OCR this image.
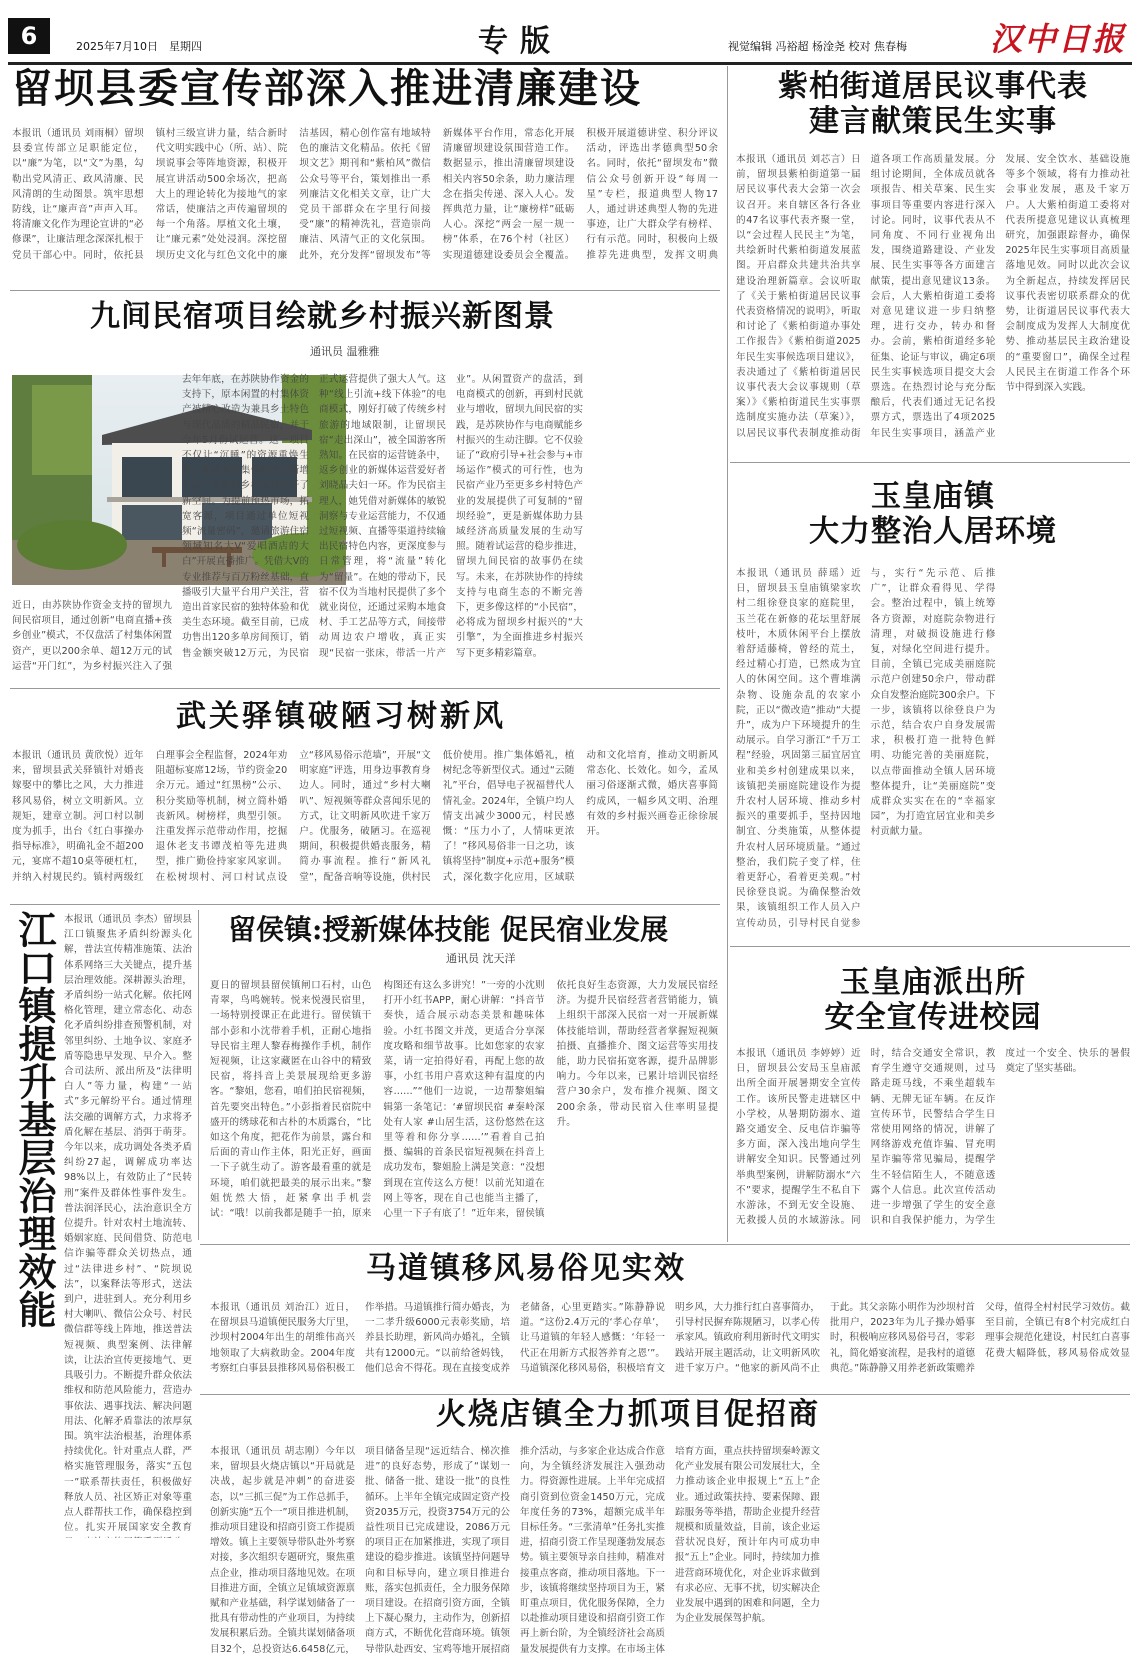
6	2025年7月10日　星期四	专版	视觉编辑 冯裕超 杨淦尧 校对 焦春梅	汉中日报
留坝县委宣传部深入推进清廉建设
本报讯（通讯员 刘雨桐）留坝县委宣传部立足职能定位，以“廉”为笔，以“文”为墨，勾勒出党风清正、政风清廉、民风清朗的生动图景。筑牢思想防线，让“廉声音”声声入耳。将清廉文化作为理论宣讲的“必修课”，让廉洁理念深深扎根于党员干部心中。同时，依托县镇村三级宣讲力量，结合新时代文明实践中心（所、站）、院坝说事会等阵地资源，积极开展宣讲活动500余场次，把高大上的理论转化为接地气的家常话，使廉洁之声传遍留坝的每一个角落。厚植文化土壤，让“廉元素”处处浸润。深挖留坝历史文化与红色文化中的廉洁基因，精心创作富有地域特色的廉洁文化精品。依托《留坝文艺》期刊和“紫柏风”微信公众号等平台，策划推出一系列廉洁文化相关文章，让广大党员干部群众在字里行间接受“廉”的精神洗礼，营造崇尚廉洁、风清气正的文化氛围。此外，充分发挥“留坝发布”等新媒体平台作用，常态化开展清廉留坝建设氛围营造工作。数据显示，推出清廉留坝建设相关内容50余条，助力廉洁理念在指尖传递、深入人心。发挥典范力量，让“廉榜样”砥砺人心。深挖“两会一屋一规一榜”体系，在76个村（社区）实现道德建设委员会全覆盖。积极开展道德讲堂、积分评议活动，评选出孝德典型50余名。同时，依托“留坝发布”微信公众号创新开设“每周一星”专栏，报道典型人物17人，通过讲述典型人物的先进事迹，让广大群众学有榜样、行有示范。同时，积极向上级推荐先进典型，发挥文明典
九间民宿项目绘就乡村振兴新图景
通讯员 温雅雅
近日，由苏陕协作资金支持的留坝九间民宿项目，通过创新“电商直播+孩乡创业”模式，不仅盘活了村集体闲置资产，更以200余单、超12万元的试运营“开门红”，为乡村振兴注入了强
去年年底，在苏陕协作资金的支持下，原本闲置的村集体资产被精心改造为兼具乡土特色与现代品质的精品民宿，并于今年5月份试运营。这一项目不仅让“沉睡”的资源重焕生机，更成为村集体经济的新增长点，为留坝乡村发展打开了新空间。为提前预热市场，拓宽客源，项目通过单位短视频“流量密码”，邀请旅游住宿领域知名大V“爱唱酒店的大白”开展直播推广。凭借大V的专业推荐与百万粉丝基础，直播吸引大量平台用户关注，营造出首家民宿的独特体验和优美生态环境。截至目前，已成功售出120多单房间预订，销售金额突破12万元，为民宿正式运营提供了强大人气。这种“线上引流+线下体验”的电商模式，刚好打破了传统乡村旅游的地域限制，让留坝民宿“走出深山”，被全国游客所熟知。在民宿的运营链条中，返乡创业的新媒体运营爱好者刘晓晶夫妇一环。作为民宿主理人，她凭借对新媒体的敏锐洞察与专业运营能力，不仅通过短视频、直播等渠道持续输出民宿特色内容，更深度参与日常管理，将“流量”转化为“留量”。在她的带动下，民宿不仅为当地村民提供了多个就业岗位，还通过采购本地食材、手工艺品等方式，间接带动周边农户增收，真正实现“民宿一张床，带活一片产业”。从闲置资产的盘活，到电商模式的创新，再到村民就业与增收，留坝九间民宿的实践，是苏陕协作与电商赋能乡村振兴的生动注脚。它不仅验证了“政府引导+社会参与+市场运作”模式的可行性，也为民宿产业乃至更多乡村特色产业的发展提供了可复制的“留坝经验”，更是新媒体助力县域经济高质量发展的生动写照。随着试运营的稳步推进，留坝九间民宿的故事仍在续写。未来，在苏陕协作的持续支持与电商生态的不断完善下，更多像这样的“小民宿”，必将成为留坝乡村振兴的“大引擎”，为全面推进乡村振兴写下更多精彩篇章。
武关驿镇破陋习树新风
本报讯（通讯员 黄欣悦）近年来，留坝县武关驿镇针对婚丧嫁娶中的攀比之风，大力推进移风易俗，树立文明新风。立规矩，建章立制。河口村以制度为抓手，出台《红白事操办指导标准》，明确礼金不超200元，宴席不超10桌等硬杠杠，并纳入村规民约。镇村两级红白理事会全程监督，2024年劝阻超标宴席12场，节约资金20余万元。通过“红黑榜”公示、积分奖励等机制，树立简朴婚丧新风。树榜样，典型引领。注重发挥示范带动作用，挖掘退休老支书谭茂柏等先进典型，推广勤俭持家家风家训。在松树坝村、河口村试点设立“移风易俗示范墙”，开展“文明家庭”评选，用身边事教育身边人。同时，通过“乡村大喇叭”、短视频等群众喜闻乐见的方式，让文明新风吹进千家万户。优服务，破陋习。在巡视期间，积极提供婚丧服务，精简办事流程。推行“新风礼堂”，配备音响等设施，供村民低价使用。推广集体婚礼，植树纪念等新型仪式。通过“云随礼”平台，倡导电子祝福替代人情礼金。2024年，全镇户均人情支出减少3000元，村民感慨：“压力小了，人情味更浓了！”移风易俗非一日之功，该镇将坚持“制度+示范+服务”模式，深化数字化应用，区域联动和文化培育，推动文明新风常态化、长效化。如今，孟凤丽习俗逐渐式微，婚庆喜事简约成风，一幅乡风文明、治理有效的乡村振兴画卷正徐徐展开。
江口镇提升基层治理效能 本报讯（通讯员 李杰）留坝县江口镇聚焦矛盾纠纷源头化解，普法宣传精准施策、法治体系网络三大关键点，提升基层治理效能。深耕源头治理，矛盾纠纷一站式化解。依托网格化管理，建立常态化、动态化矛盾纠纷排查预警机制，对邻里纠纷、土地争议、家庭矛盾等隐患早发现、早介入。整合司法所、派出所及“法律明白人”等力量，构建“一站式”多元解纷平台。通过情理法交融的调解方式，力求将矛盾化解在基层、消弭于萌芽。今年以来，成功调处各类矛盾纠纷27起，调解成功率达98%以上，有效防止了“民转刑”案件及群体性事件发生。普法润泽民心，法治意识全方位提升。针对农村土地流转、婚姻家庭、民间借贷、防范电信诈骗等群众关切热点，通过“法律进乡村”、“院坝说法”，以案释法等形式，送法到户，进驻到人。充分利用乡村大喇叭、微信公众号、村民微信群等线上阵地，推送普法短视频、典型案例、法律解读，让法治宣传更接地气、更具吸引力。不断提升群众依法维权和防范风险能力，营造办事依法、遇事找法、解决问题用法、化解矛盾靠法的浓厚氛围。筑牢法治根基，治理体系持续优化。针对重点人群，严格实施管理服务，落实“五包一”联系帮扶责任，积极做好释放人员、社区矫正对象等重点人群帮扶工作，确保稳控到位。扎实开展国家安全教育
留侯镇:授新媒体技能 促民宿业发展
通讯员 沈天洋
夏日的留坝县留侯镇闸口石村，山色青翠，鸟鸣婉转。悦来悦漫民宿里，一场特别授课正在此进行。留侯镇干部小彭和小沈带着手机，正耐心地指导民宿主理人黎春梅操作手机，制作短视频，让这家藏匿在山谷中的精致民宿，将抖音上美景展现给更多游客。“黎姐，您看，咱们拍民宿视频，首先要突出特色。”小彭指着民宿院中盛开的绣球花和古朴的木质露台，“比如这个角度，把花作为前景，露台和后面的青山作主体，阳光正好，画面一下子就生动了。游客最看重的就是环境，咱们就把最美的展示出来。”黎姐恍然大悟，赶紧拿出手机尝试：“哦！以前我都是随手一拍，原来构图还有这么多讲究！”一旁的小沈则打开小红书APP，耐心讲解：“抖音节奏快，适合展示动态美景和趣味体验。小红书图文并茂，更适合分享深度攻略和细节故事。比如您家的农家菜，请一定拍得好看，再配上您的故事，小红书用户喜欢这种有温度的内容……”“他们一边说，一边帮黎姐编辑第一条笔记：‘#留坝民宿 #秦岭深处有人家 #山居生活，这份悠然在这里等着和你分享……’”看着自己拍摄、编辑的首条民宿短视频在抖音上成功发布，黎姐脸上满是笑意：“没想到现在宣传这么方便！以前光知道在网上等客，现在自己也能当主播了，心里一下子有底了！”近年来，留侯镇依托良好生态资源，大力发展民宿经济。为提升民宿经营者营销能力，镇上组织干部深入民宿一对一开展新媒体技能培训，帮助经营者掌握短视频拍摄、直播推介、图文运营等实用技能，助力民宿拓宽客源，提升品牌影响力。今年以来，已累计培训民宿经营户30余户，发布推介视频、图文200余条，带动民宿入住率明显提升。
马道镇移风易俗见实效
本报讯（通讯员 刘治江）近日，在留坝县马道镇便民服务大厅里，沙坝村2004年出生的胡维伟高兴地领取了大病救助金。2004年度考察红白事县县推移风易俗积极工作举措。马道镇推行简办婚丧，为一二孝升级6000元表彰奖励，培养县长助理，新风尚办婚礼，全镇共有12000元。“以前给爸妈钱，他们总舍不得花。现在直接变成养老储备，心里更踏实。”陈静静说道。“这份2.4万元的‘孝心存单’，让马道镇的年轻人感慨：‘年轻一代正在用新方式报答养育之恩’”。马道镇深化移风易俗，积极培育文明乡风，大力推行红白喜事简办，引导村民摒弃陈规陋习，以孝心传承家风。镇政府利用新时代文明实践站开展主题活动，让文明新风吹进千家万户。“他家的新风尚不止于此。其父亲陈小明作为沙坝村首批用户，2023年为儿子操办婚事时，积极响应移风易俗号召，零彩礼，简化婚宴流程，是我村的道德典范。”陈静静又用养老新政策赡养父母，值得全村村民学习效仿。截至目前，全镇已有8个村完成红白理事会规范化建设，村民红白喜事花费大幅降低，移风易俗成效显
火烧店镇全力抓项目促招商
本报讯（通讯员 胡志刚）今年以来，留坝县火烧店镇以“开局就是决战，起步就是冲刺”的奋进姿态，以“三抓三促”为工作总抓手，创新实施“五个一”项目推进机制，推动项目建设和招商引资工作提质增效。镇上主要领导带队赴外考察对接，多次组织专题研究，聚焦重点企业，推动项目落地见效。在项目推进方面，全镇立足镇域资源禀赋和产业基础，科学谋划储备了一批具有带动性的产业项目，为持续发展积累后劲。全镇共谋划储备项目32个，总投资达6.6458亿元，项目储备呈现“远近结合、梯次推进”的良好态势，形成了“谋划一批、储备一批、建设一批”的良性循环。上半年全镇完成固定资产投资2035万元，投资3754万元的公益性项目已完成建设，2086万元的项目正在加紧推进，实现了项目建设的稳步推进。该镇坚持问题导向和目标导向，建立项目推进台账，落实包抓责任，全力服务保障项目建设。在招商引资方面，全镇上下凝心聚力，主动作为，创新招商方式，不断优化营商环境。镇领导带队赴西安、宝鸡等地开展招商推介活动，与多家企业达成合作意向，为全镇经济发展注入强劲动力。得资源性进展。上半年完成招商引资到位资金1450万元，完成年度任务的73%，超额完成半年目标任务。“三张清单”任务扎实推进，招商引资工作呈现蓬勃发展态势。镇主要领导亲自挂帅，精准对接重点客商，推动项目落地。下一步，该镇将继续坚持项目为王，紧盯重点项目，优化服务保障，全力以赴推动项目建设和招商引资工作再上新台阶，为全镇经济社会高质量发展提供有力支撑。在市场主体培育方面，重点扶持留坝秦岭源文化产业发展有限公司发展壮大，全力推动该企业申报规上“五上”企业。通过政策扶持、要素保障、跟踪服务等举措，帮助企业提升经营规模和质量效益，目前，该企业运营状况良好，预计年内可成功申报“五上”企业。同时，持续加力推进营商环境优化，对企业诉求做到有求必应、无事不扰，切实解决企业发展中遇到的困难和问题，全力为企业发展保驾护航。
紫柏街道居民议事代表
建言献策民生实事
本报讯（通讯员 刘芯言）日前，留坝县紫柏街道第一届居民议事代表大会第一次会议召开。来自辖区各行各业的47名议事代表齐聚一堂，以“会过程人民民主”为笔，共绘新时代紫柏街道发展蓝图。开启群众共建共治共享建设治理新篇章。会议听取了《关于紫柏街道居民议事代表资格情况的说明》，听取和讨论了《紫柏街道办事处工作报告》《紫柏街道2025年民生实事候选项目建议》，表决通过了《紫柏街道居民议事代表大会议事规则（草案）》《紫柏街道民生实事票选制度实施办法（草案）》，以居民议事代表制度推动街道各项工作高质量发展。分组讨论期间，全体成员就各项报告、相关草案、民生实事项目等重要内容进行深入讨论。同时，议事代表从不同角度、不同行业视角出发，围绕道路建设、产业发展、民生实事等各方面建言献策，提出意见建议13条。会后，人大紫柏街道工委将对意见建议进一步归纳整理，进行交办，转办和督办。会前，紫柏街道经多轮征集、论证与审议，确定6项民生实事候选项目提交大会票选。在热烈讨论与充分酝酿后，代表们通过无记名投票方式，票选出了4项2025年民生实事项目，涵盖产业发展、安全饮水、基础设施等多个领域，将有力推动社会事业发展，惠及千家万户。人大紫柏街道工委将对代表所提意见建议认真梳理研究，加强跟踪督办，确保2025年民生实事项目高质量落地见效。同时以此次会议为全新起点，持续发挥居民议事代表密切联系群众的优势，让街道居民议事代表大会制度成为发挥人大制度优势、推动基层民主政治建设的“重要窗口”，确保全过程人民民主在街道工作各个环节中得到深入实践。
玉皇庙镇
大力整治人居环境
本报讯（通讯员 薛瑶）近日，留坝县玉皇庙镇梁家坎村二组徐登良家的庭院里，玉兰花在新修的花坛里舒展枝叶，木质休闲平台上摆放着舒适藤椅，曾经的荒土，经过精心打造，已然成为宜人的休闲空间。这个曹堆满杂物、设施杂乱的农家小院，正以“微改造”推动“大提升”，成为户下环境提升的生动展示。自学习浙江“千万工程”经验，巩固第三届宜居宜业和美乡村创建成果以来，该镇把美丽庭院建设作为提升农村人居环境、推动乡村振兴的重要抓手，坚持因地制宜、分类施策，从整体提升农村人居环境质量。“通过整治，我们院子变了样，住着更舒心，看着更美观。”村民徐登良说。为确保整治效果，该镇组织工作人员入户宣传动员，引导村民自觉参与，实行“先示范、后推广”，让群众看得见、学得会。整治过程中，镇上统筹各方资源，对庭院杂物进行清理，对破损设施进行修复，对绿化空间进行提升。目前，全镇已完成美丽庭院示范户创建50余户，带动群众自发整治庭院300余户。下一步，该镇将以徐登良户为示范，结合农户自身发展需求，积极打造一批特色鲜明、功能完善的美丽庭院，以点带面推动全镇人居环境整体提升，让“美丽庭院”变成群众实实在在的“幸福家园”，为打造宜居宜业和美乡村贡献力量。
玉皇庙派出所
安全宣传进校园
本报讯（通讯员 李婷婷）近日，留坝县公安局玉皇庙派出所全面开展暑期安全宣传工作。该所民警走进辖区中小学校，从暑期防溺水、道路交通安全、反电信诈骗等多方面，深入浅出地向学生讲解安全知识。民警通过列举典型案例，讲解防溺水“六不”要求，提醒学生不私自下水游泳，不到无安全设施、无救援人员的水域游泳。同时，结合交通安全常识，教育学生遵守交通规则，过马路走斑马线，不乘坐超载车辆、无牌无证车辆。在反诈宣传环节，民警结合学生日常使用网络的情况，讲解了网络游戏充值诈骗、冒充明星诈骗等常见骗局，提醒学生不轻信陌生人，不随意透露个人信息。此次宣传活动进一步增强了学生的安全意识和自我保护能力，为学生度过一个安全、快乐的暑假奠定了坚实基础。
